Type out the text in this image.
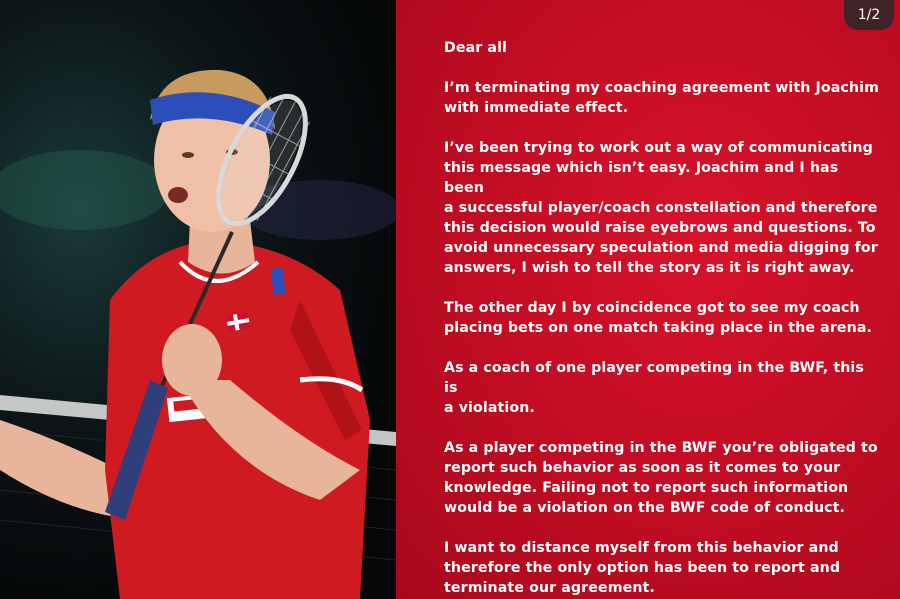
1/2

Dear all

I’m terminating my coaching agreement with Joachim
with immediate effect.

I’ve been trying to work out a way of communicating
this message which isn’t easy. Joachim and I has been
a successful player/coach constellation and therefore
this decision would raise eyebrows and questions. To
avoid unnecessary speculation and media digging for
answers, I wish to tell the story as it is right away.

The other day I by coincidence got to see my coach
placing bets on one match taking place in the arena.

As a coach of one player competing in the BWF, this is
a violation.

As a player competing in the BWF you’re obligated to
report such behavior as soon as it comes to your
knowledge. Failing not to report such information
would be a violation on the BWF code of conduct.

I want to distance myself from this behavior and
therefore the only option has been to report and
terminate our agreement.
